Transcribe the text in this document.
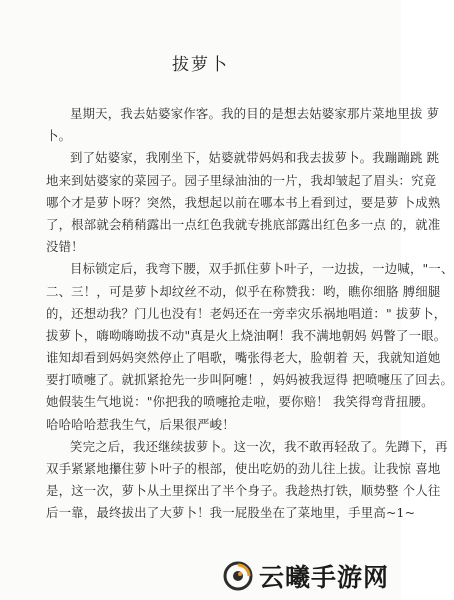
拔萝卜
星期天，我去姑婆家作客。我的目的是想去姑婆家那片菜地里拔 萝
卜。
到了姑婆家，我刚坐下，姑婆就带妈妈和我去拔萝卜。我蹦蹦跳 跳
地来到姑婆家的菜园子。园子里绿油油的一片，我却皱起了眉头：究竟
哪个才是萝卜呀？突然，我想起以前在哪本书上看到过，要是萝 卜成熟
了，根部就会稍稍露出一点红色我就专挑底部露出红色多一点 的，就准
没错！
目标锁定后，我弯下腰，双手抓住萝卜叶子，一边拔，一边喊，"一、
二、三！，可是萝卜却纹丝不动，似乎在称赞我：哟，瞧你细胳 膊细腿
的，还想动我？门儿也没有！老妈还在一旁幸灾乐祸地唱道：" 拔萝卜，
拔萝卜，嗨呦嗨呦拔不动"真是火上烧油啊！我不满地朝妈 妈瞥了一眼。
谁知却看到妈妈突然停止了唱歌，嘴张得老大，脸朝着 天，我就知道她
要打喷嚏了。就抓紧抢先一步叫阿嚏！，妈妈被我逗得 把喷嚏压了回去。
她假装生气地说："你把我的喷嚏抢走啦，要你赔！ 我笑得弯背扭腰。
哈哈哈哈惹我生气，后果很严峻！
笑完之后，我还继续拔萝卜。这一次，我不敢再轻敌了。先蹲下，再
双手紧紧地攥住萝卜叶子的根部，使出吃奶的劲儿往上拔。让我惊 喜地
是，这一次，萝卜从土里探出了半个身子。我趁热打铁，顺势整 个人往
后一靠，最终拔出了大萝卜！我一屁股坐在了菜地里，手里高~1~
云曦手游网
